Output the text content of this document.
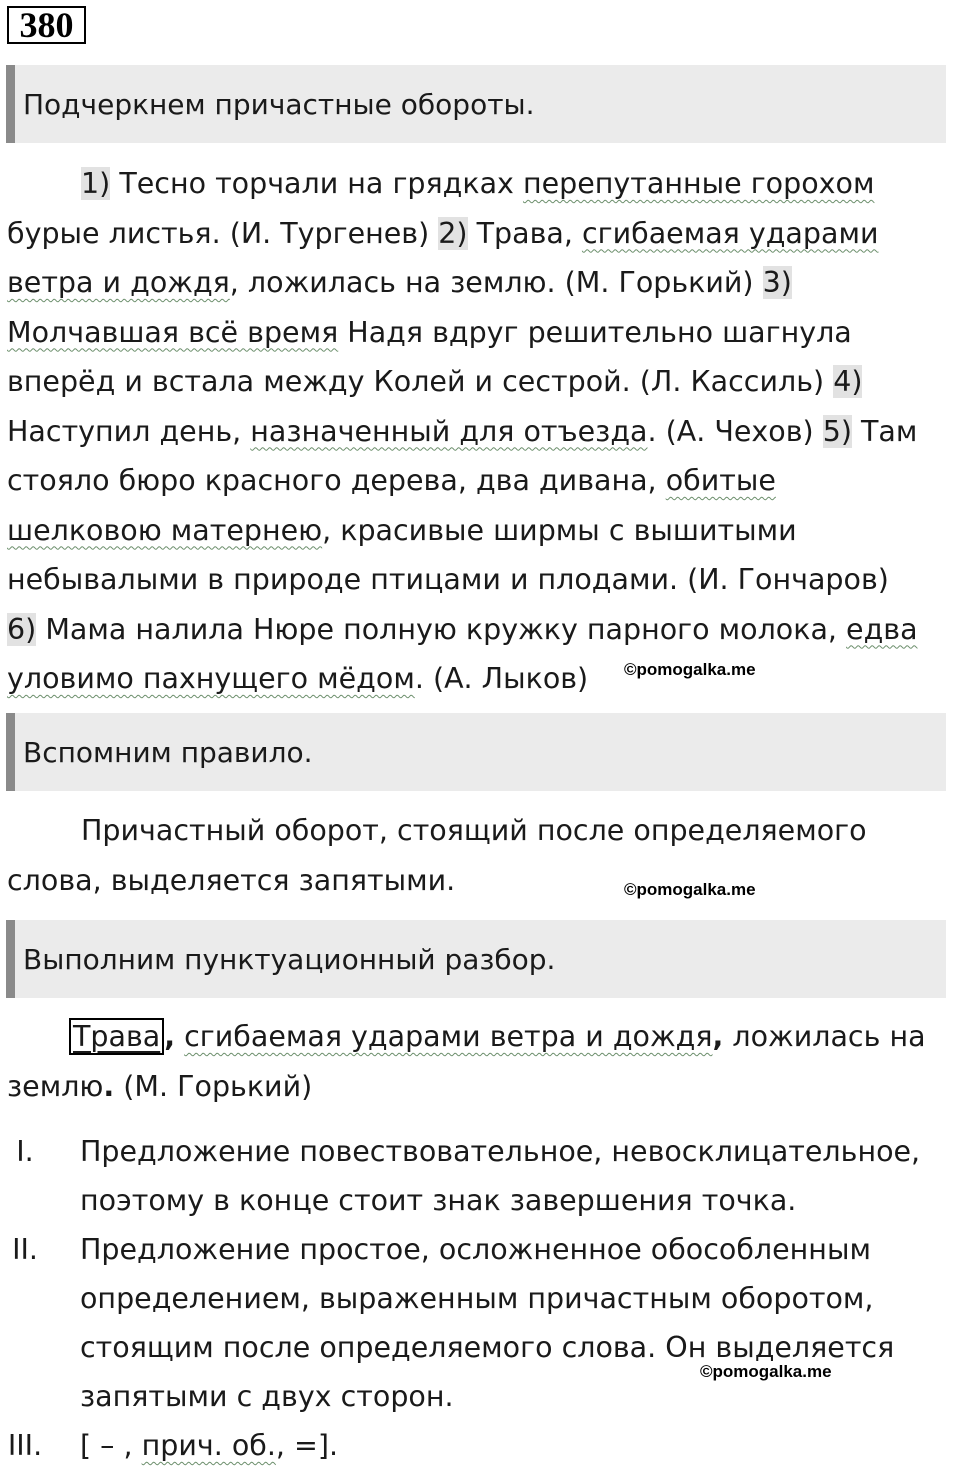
380
Подчеркнем причастные обороты.
1) Тесно торчали на грядках перепутанные горохом
бурые листья. (И. Тургенев) 2) Трава, сгибаемая ударами
ветра и дождя, ложилась на землю. (М. Горький) 3)
Молчавшая всё время Надя вдруг решительно шагнула
вперёд и встала между Колей и сестрой. (Л. Кассиль) 4)
Наступил день, назначенный для отъезда. (А. Чехов) 5) Там
стояло бюро красного дерева, два дивана, обитые
шелковою матернею, красивые ширмы с вышитыми
небывалыми в природе птицами и плодами. (И. Гончаров)
6) Мама налила Нюре полную кружку парного молока, едва
уловимо пахнущего мёдом. (А. Лыков)	©pomogalka.me
Вспомним правило.
Причастный оборот, стоящий после определяемого
слова, выделяется запятыми.	©pomogalka.me
Выполним пунктуационный разбор.
Трава , сгибаемая ударами ветра и дождя, ложилась на
землю. (М. Горький)
I.	Предложение повествовательное, невосклицательное,
поэтому в конце стоит знак завершения точка.
II. Предложение простое, осложненное обособленным
определением, выраженным причастным оборотом,
стоящим после определяемого слова. Он выделяется
запятыми с двух сторон.
III. [ – , прич. об., =].
©pomogalka.me
